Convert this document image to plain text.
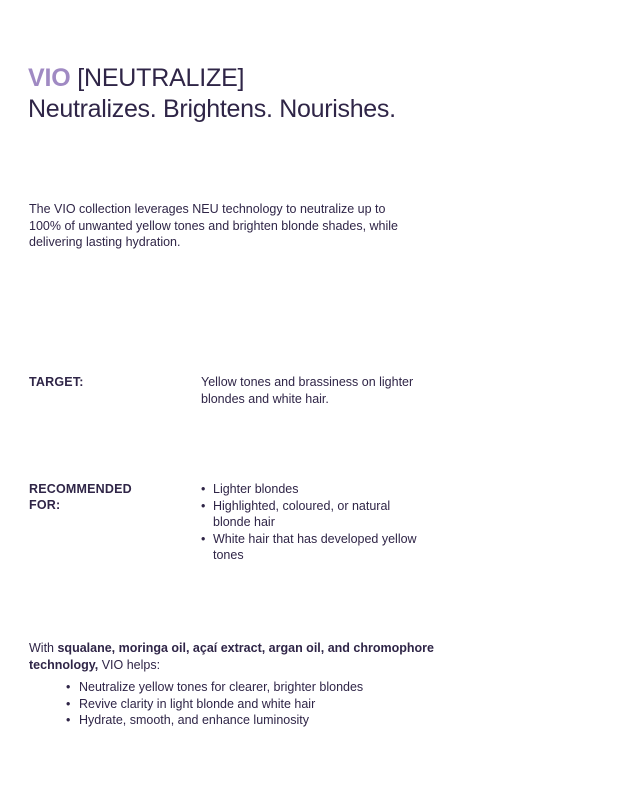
VIO [NEUTRALIZE]
Neutralizes. Brightens. Nourishes.

The VIO collection leverages NEU technology to neutralize up to 100% of unwanted yellow tones and brighten blonde shades, while delivering lasting hydration.

TARGET:	Yellow tones and brassiness on lighter blondes and white hair.
RECOMMENDED FOR:
• Lighter blondes
• Highlighted, coloured, or natural blonde hair
• White hair that has developed yellow tones

With squalane, moringa oil, açaí extract, argan oil, and chromophore technology, VIO helps:

• Neutralize yellow tones for clearer, brighter blondes
• Revive clarity in light blonde and white hair
• Hydrate, smooth, and enhance luminosity
